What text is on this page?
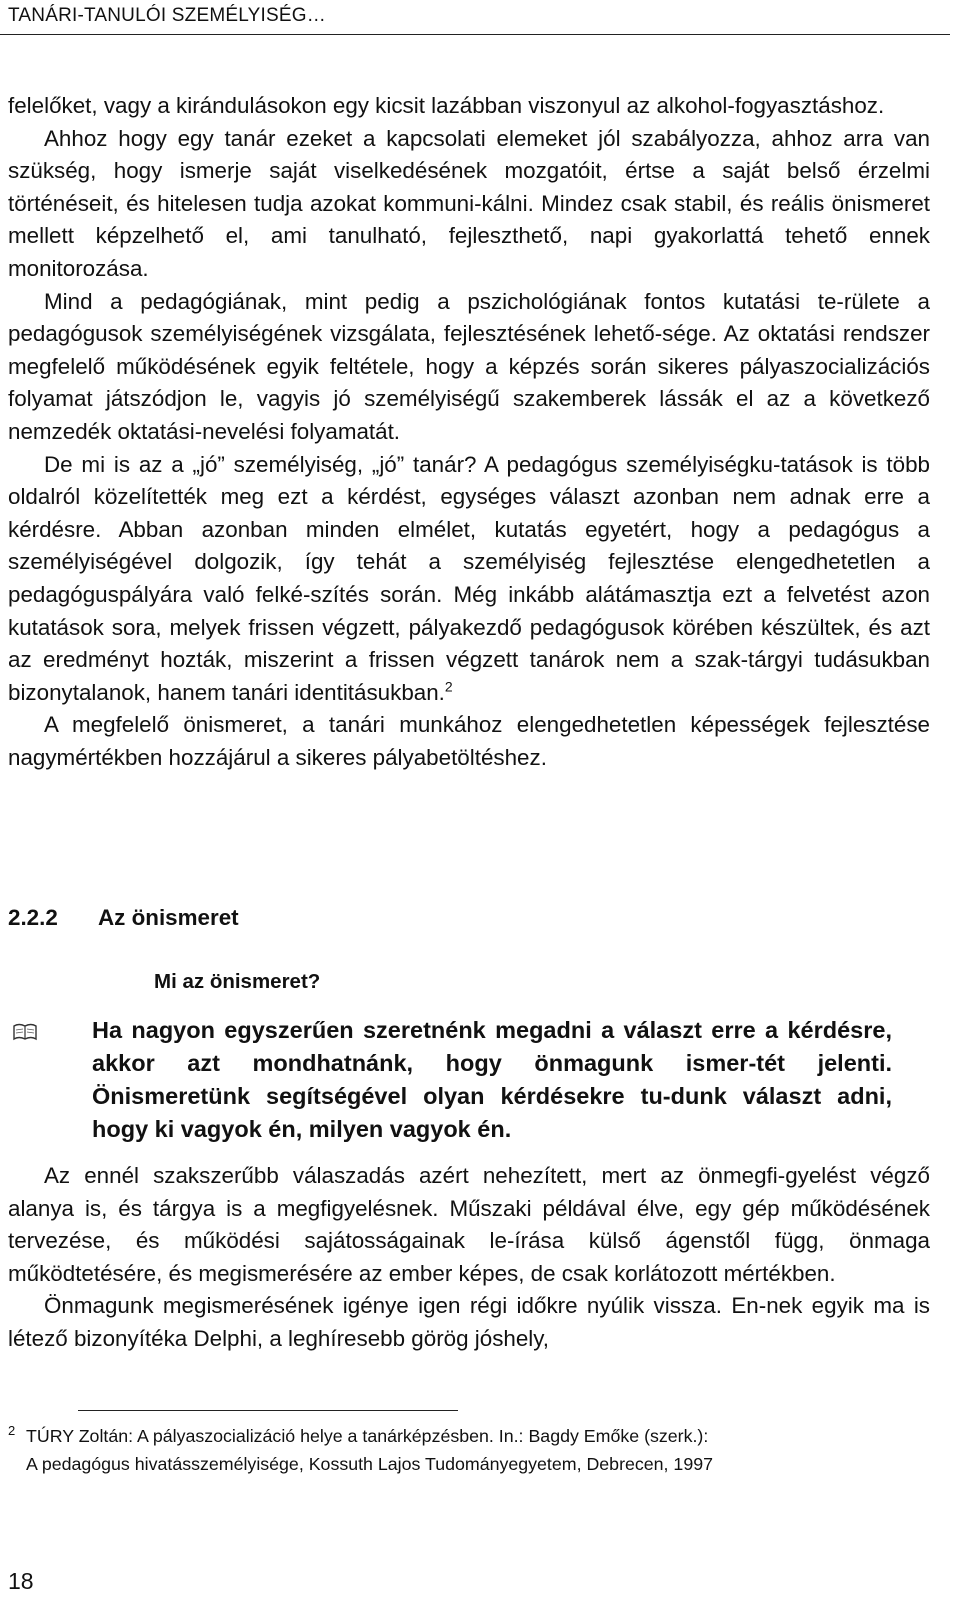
TANÁRI-TANULÓI SZEMÉLYISÉG…

felelőket, vagy a kirándulásokon egy kicsit lazábban viszonyul az alkohol-fogyasztáshoz.

Ahhoz hogy egy tanár ezeket a kapcsolati elemeket jól szabályozza, ahhoz arra van szükség, hogy ismerje saját viselkedésének mozgatóit, értse a saját belső érzelmi történéseit, és hitelesen tudja azokat kommuni-kálni. Mindez csak stabil, és reális önismeret mellett képzelhető el, ami tanulható, fejleszthető, napi gyakorlattá tehető ennek monitorozása.

Mind a pedagógiának, mint pedig a pszichológiának fontos kutatási te-rülete a pedagógusok személyiségének vizsgálata, fejlesztésének lehető-sége. Az oktatási rendszer megfelelő működésének egyik feltétele, hogy a képzés során sikeres pályaszocializációs folyamat játszódjon le, vagyis jó személyiségű szakemberek lássák el az a következő nemzedék oktatási-nevelési folyamatát.

De mi is az a „jó” személyiség, „jó” tanár? A pedagógus személyiségku-tatások is több oldalról közelítették meg ezt a kérdést, egységes választ azonban nem adnak erre a kérdésre. Abban azonban minden elmélet, kutatás egyetért, hogy a pedagógus a személyiségével dolgozik, így tehát a személyiség fejlesztése elengedhetetlen a pedagóguspályára való felké-szítés során. Még inkább alátámasztja ezt a felvetést azon kutatások sora, melyek frissen végzett, pályakezdő pedagógusok körében készültek, és azt az eredményt hozták, miszerint a frissen végzett tanárok nem a szak-tárgyi tudásukban bizonytalanok, hanem tanári identitásukban.$^2$

A megfelelő önismeret, a tanári munkához elengedhetetlen képességek fejlesztése nagymértékben hozzájárul a sikeres pályabetöltéshez.

2.2.2 Az önismeret
Mi az önismeret?
Ha nagyon egyszerűen szeretnénk megadni a választ erre a kérdésre, akkor azt mondhatnánk, hogy önmagunk ismer-tét jelenti. Önismeretünk segítségével olyan kérdésekre tu-dunk választ adni, hogy ki vagyok én, milyen vagyok én.

Az ennél szakszerűbb válaszadás azért nehezített, mert az önmegfi-gyelést végző alanya is, és tárgya is a megfigyelésnek. Műszaki példával élve, egy gép működésének tervezése, és működési sajátosságainak le-írása külső ágenstől függ, önmaga működtetésére, és megismerésére az ember képes, de csak korlátozott mértékben.

Önmagunk megismerésének igénye igen régi időkre nyúlik vissza. En-nek egyik ma is létező bizonyítéka Delphi, a leghíresebb görög jóshely,

2 TÚRY Zoltán: A pályaszocializáció helye a tanárképzésben. In.: Bagdy Emőke (szerk.):
A pedagógus hivatásszemélyisége, Kossuth Lajos Tudományegyetem, Debrecen, 1997
18
